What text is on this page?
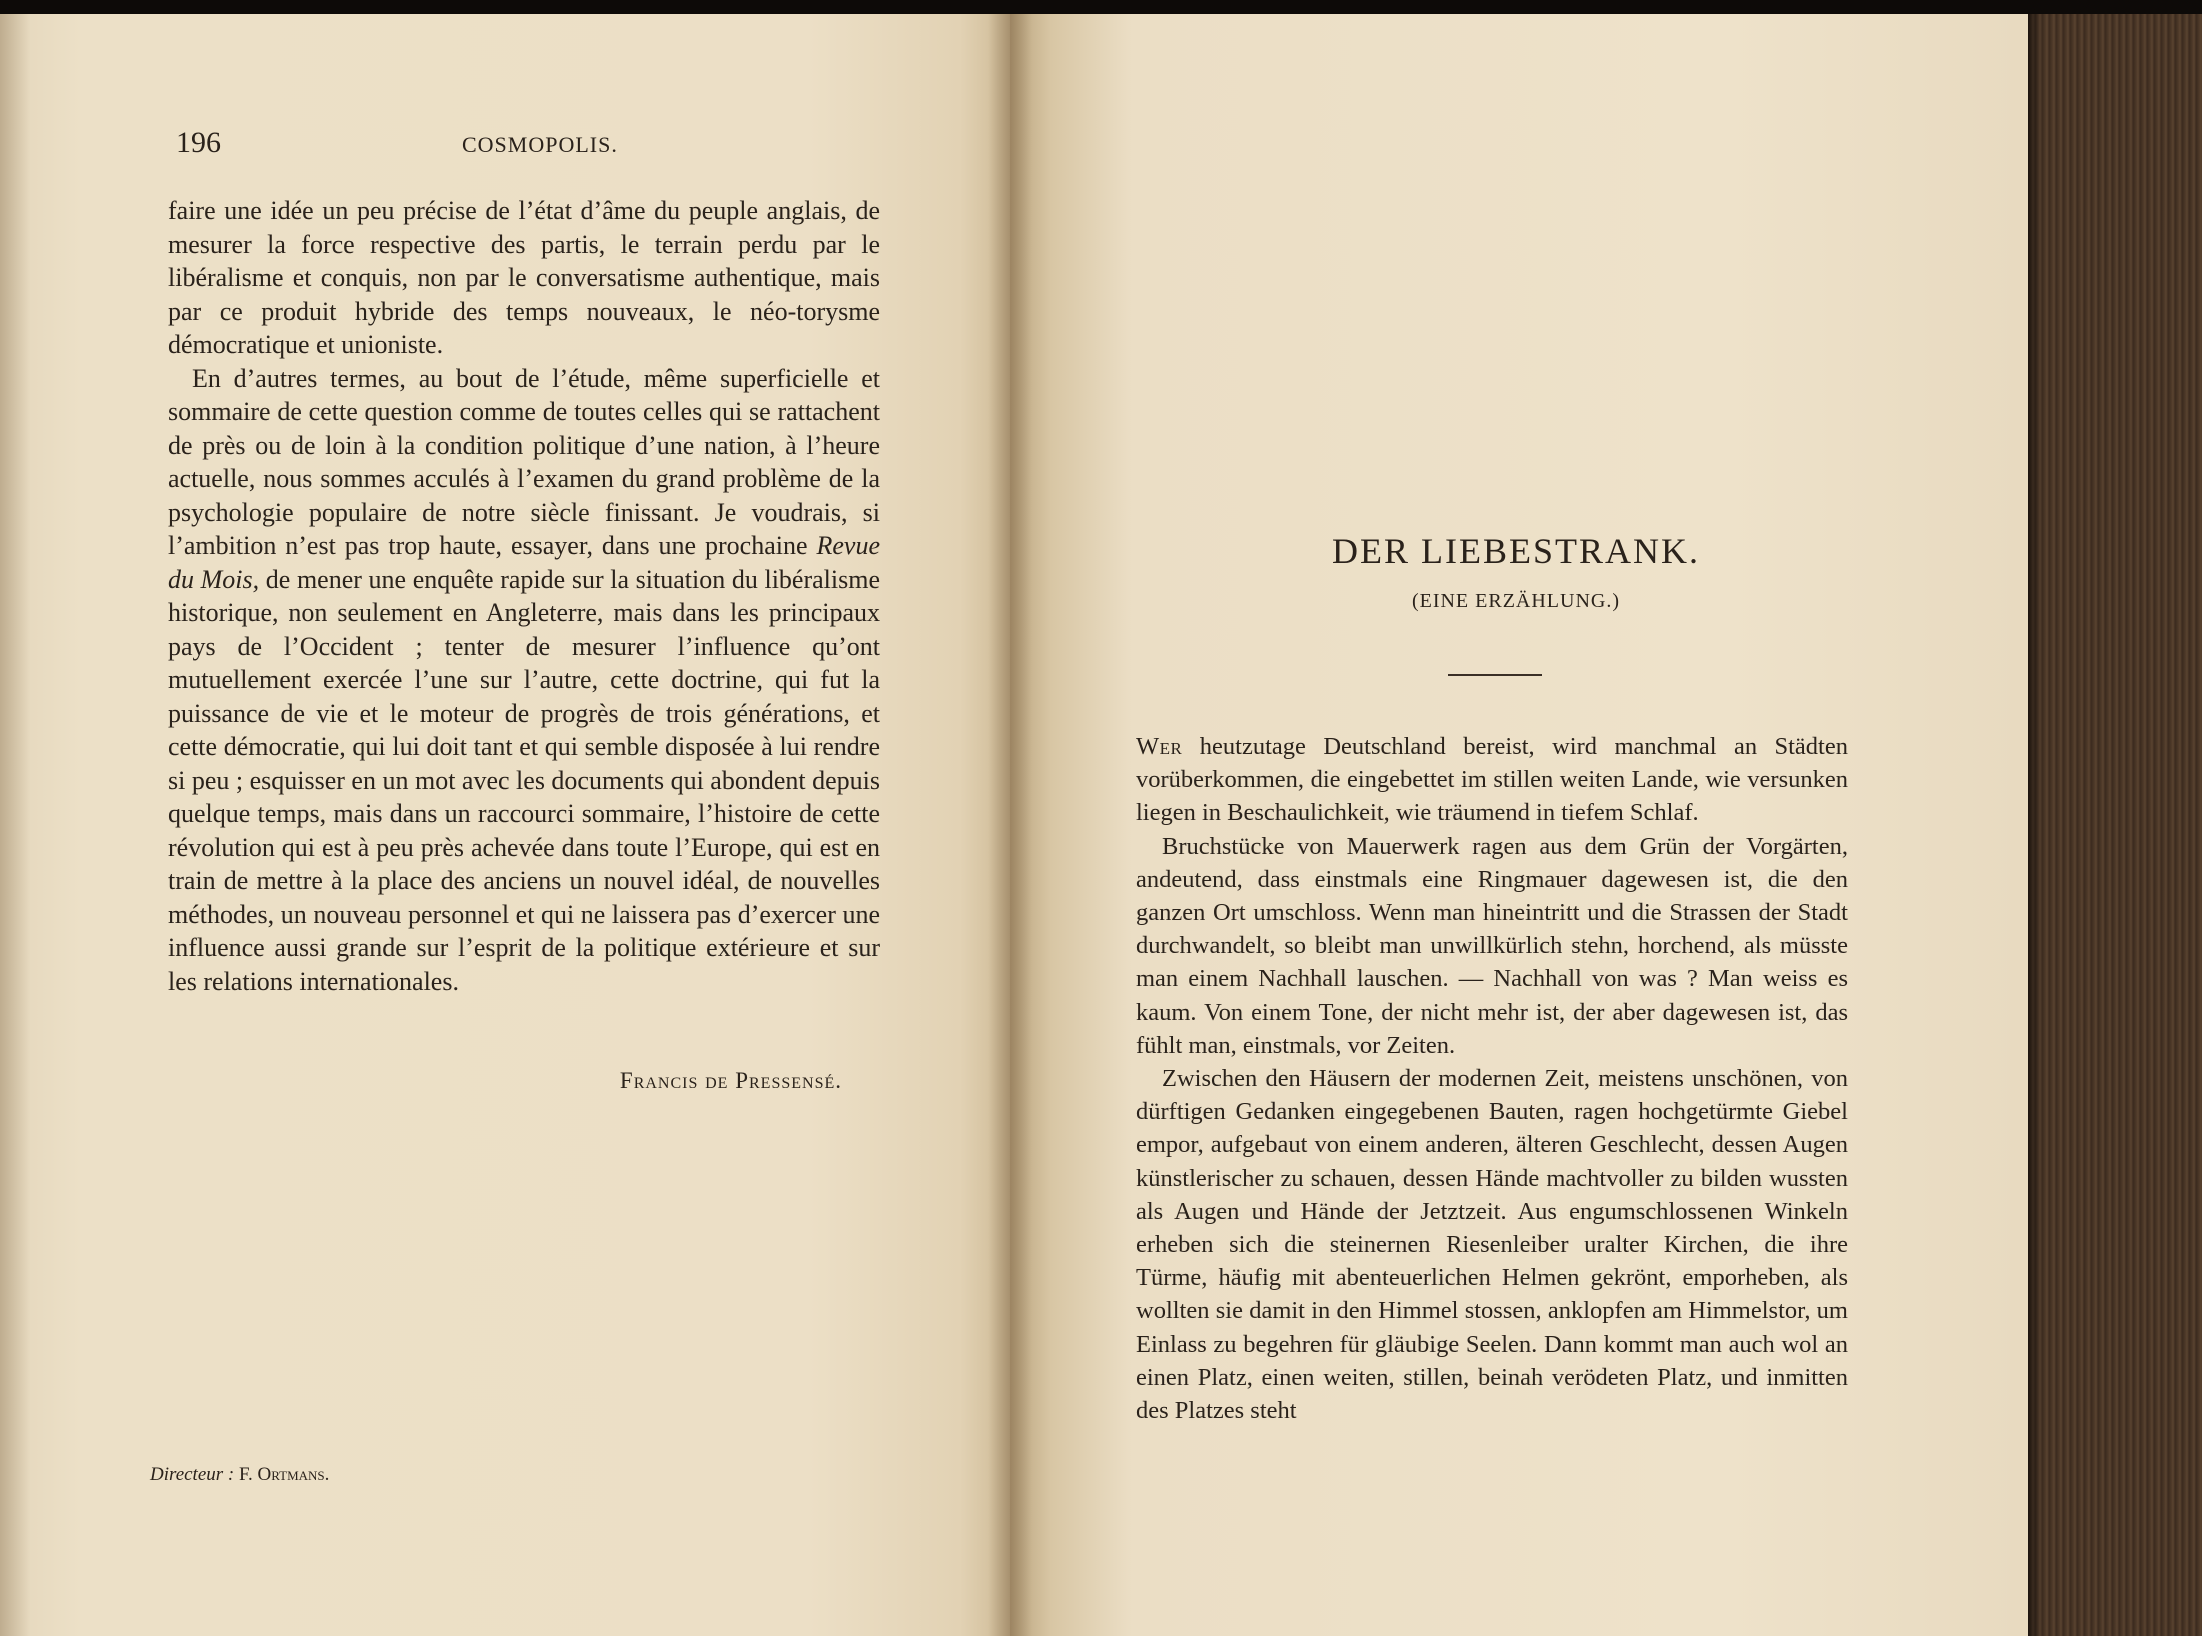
196	COSMOPOLIS.

faire une idée un peu précise de l’état d’âme du peuple anglais, de mesurer la force respective des partis, le terrain perdu par le libéralisme et conquis, non par le conversatisme authentique, mais par ce produit hybride des temps nouveaux, le néo-torysme démocratique et unioniste.

En d’autres termes, au bout de l’étude, même superficielle et sommaire de cette question comme de toutes celles qui se rattachent de près ou de loin à la condition politique d’une nation, à l’heure actuelle, nous sommes acculés à l’examen du grand problème de la psychologie populaire de notre siècle finissant. Je voudrais, si l’ambition n’est pas trop haute, essayer, dans une prochaine Revue du Mois, de mener une enquête rapide sur la situation du libéralisme historique, non seulement en Angleterre, mais dans les principaux pays de l’Occident ; tenter de mesurer l’influence qu’ont mutuellement exercée l’une sur l’autre, cette doctrine, qui fut la puissance de vie et le moteur de progrès de trois générations, et cette démocratie, qui lui doit tant et qui semble disposée à lui rendre si peu ; esquisser en un mot avec les documents qui abondent depuis quelque temps, mais dans un raccourci sommaire, l’histoire de cette révolution qui est à peu près achevée dans toute l’Europe, qui est en train de mettre à la place des anciens un nouvel idéal, de nouvelles méthodes, un nouveau personnel et qui ne laissera pas d’exercer une influence aussi grande sur l’esprit de la politique extérieure et sur les relations internationales.

Francis de Pressensé.
Directeur : F. Ortmans.
DER LIEBESTRANK.
(EINE ERZÄHLUNG.)

Wer heutzutage Deutschland bereist, wird manchmal an Städten vorüberkommen, die eingebettet im stillen weiten Lande, wie versunken liegen in Beschaulichkeit, wie träumend in tiefem Schlaf.

Bruchstücke von Mauerwerk ragen aus dem Grün der Vorgärten, andeutend, dass einstmals eine Ringmauer dagewesen ist, die den ganzen Ort umschloss. Wenn man hineintritt und die Strassen der Stadt durchwandelt, so bleibt man unwillkürlich stehn, horchend, als müsste man einem Nachhall lauschen. — Nachhall von was ? Man weiss es kaum. Von einem Tone, der nicht mehr ist, der aber dagewesen ist, das fühlt man, einstmals, vor Zeiten.

Zwischen den Häusern der modernen Zeit, meistens unschönen, von dürftigen Gedanken eingegebenen Bauten, ragen hochgetürmte Giebel empor, aufgebaut von einem anderen, älteren Geschlecht, dessen Augen künstlerischer zu schauen, dessen Hände machtvoller zu bilden wussten als Augen und Hände der Jetztzeit. Aus engumschlossenen Winkeln erheben sich die steinernen Riesenleiber uralter Kirchen, die ihre Türme, häufig mit abenteuerlichen Helmen gekrönt, emporheben, als wollten sie damit in den Himmel stossen, anklopfen am Himmelstor, um Einlass zu begehren für gläubige Seelen. Dann kommt man auch wol an einen Platz, einen weiten, stillen, beinah verödeten Platz, und inmitten des Platzes steht
